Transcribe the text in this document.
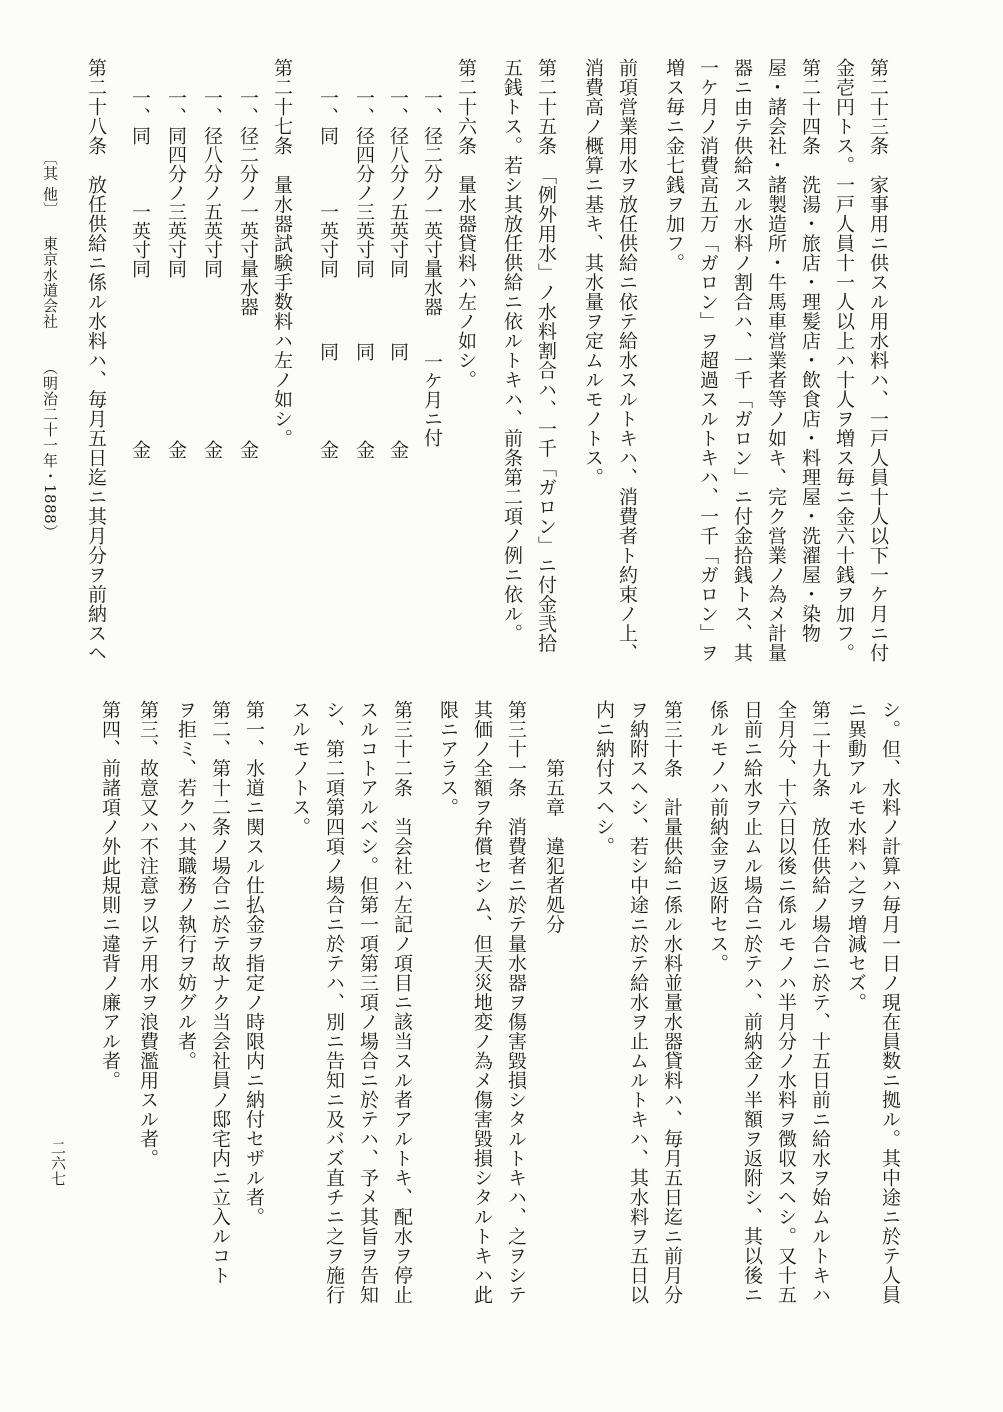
第二十三条　家事用ニ供スル用水料ハ、一戸人員十人以下一ケ月ニ付
金壱円トス。一戸人員十一人以上ハ十人ヲ増ス毎ニ金六十銭ヲ加フ。
第二十四条　洗湯・旅店・理髪店・飲食店・料理屋・洗濯屋・染物
屋・諸会社・諸製造所・牛馬車営業者等ノ如キ、完ク営業ノ為メ計量
器ニ由テ供給スル水料ノ割合ハ、一千「ガロン」ニ付金拾銭トス、其
一ケ月ノ消費高五万「ガロン」ヲ超過スルトキハ、一千「ガロン」ヲ
増ス毎ニ金七銭ヲ加フ。
前項営業用水ヲ放任供給ニ依テ給水スルトキハ、消費者ト約束ノ上、
消費高ノ概算ニ基キ、其水量ヲ定ムルモノトス。
第二十五条　「例外用水」ノ水料割合ハ、一千「ガロン」ニ付金弐拾
五銭トス。若シ其放任供給ニ依ルトキハ、前条第二項ノ例ニ依ル。
第二十六条　量水器貸料ハ左ノ如シ。
一、径二分ノ一英寸量水器
一ケ月ニ付
一、径八分ノ五英寸同
同
金
一、径四分ノ三英寸同
同
金
一、同　　　一英寸同
同
金
第二十七条　量水器試験手数料ハ左ノ如シ。
一、径二分ノ一英寸量水器
金
一、径八分ノ五英寸同
金
一、同四分ノ三英寸同
金
一、同　　　一英寸同
金
第二十八条　放任供給ニ係ル水料ハ、毎月五日迄ニ其月分ヲ前納スヘ
〔其 他〕
東京水道会社
（明治二十一年・1888）
シ。但、水料ノ計算ハ毎月一日ノ現在員数ニ拠ル。其中途ニ於テ人員
ニ異動アルモ水料ハ之ヲ増減セズ。
第二十九条　放任供給ノ場合ニ於テ、十五日前ニ給水ヲ始ムルトキハ
全月分、十六日以後ニ係ルモノハ半月分ノ水料ヲ徴収スヘシ。又十五
日前ニ給水ヲ止ムル場合ニ於テハ、前納金ノ半額ヲ返附シ、其以後ニ
係ルモノハ前納金ヲ返附セス。
第三十条　計量供給ニ係ル水料並量水器貸料ハ、毎月五日迄ニ前月分
ヲ納附スヘシ、若シ中途ニ於テ給水ヲ止ムルトキハ、其水料ヲ五日以
内ニ納付スヘシ。
　　　第五章　違犯者処分
第三十一条　消費者ニ於テ量水器ヲ傷害毀損シタルトキハ、之ヲシテ
其価ノ全額ヲ弁償セシム、但天災地変ノ為メ傷害毀損シタルトキハ此
限ニアラス。
第三十二条　当会社ハ左記ノ項目ニ該当スル者アルトキ、配水ヲ停止
スルコトアルベシ。但第一項第三項ノ場合ニ於テハ、予メ其旨ヲ告知
シ、第二項第四項ノ場合ニ於テハ、別ニ告知ニ及バズ直チニ之ヲ施行
スルモノトス。
第一、水道ニ関スル仕払金ヲ指定ノ時限内ニ納付セザル者。
第二、第十二条ノ場合ニ於テ故ナク当会社員ノ邸宅内ニ立入ルコト
ヲ拒ミ、若クハ其職務ノ執行ヲ妨グル者。
第三、故意又ハ不注意ヲ以テ用水ヲ浪費濫用スル者。
第四、前諸項ノ外此規則ニ違背ノ廉アル者。
二六七
